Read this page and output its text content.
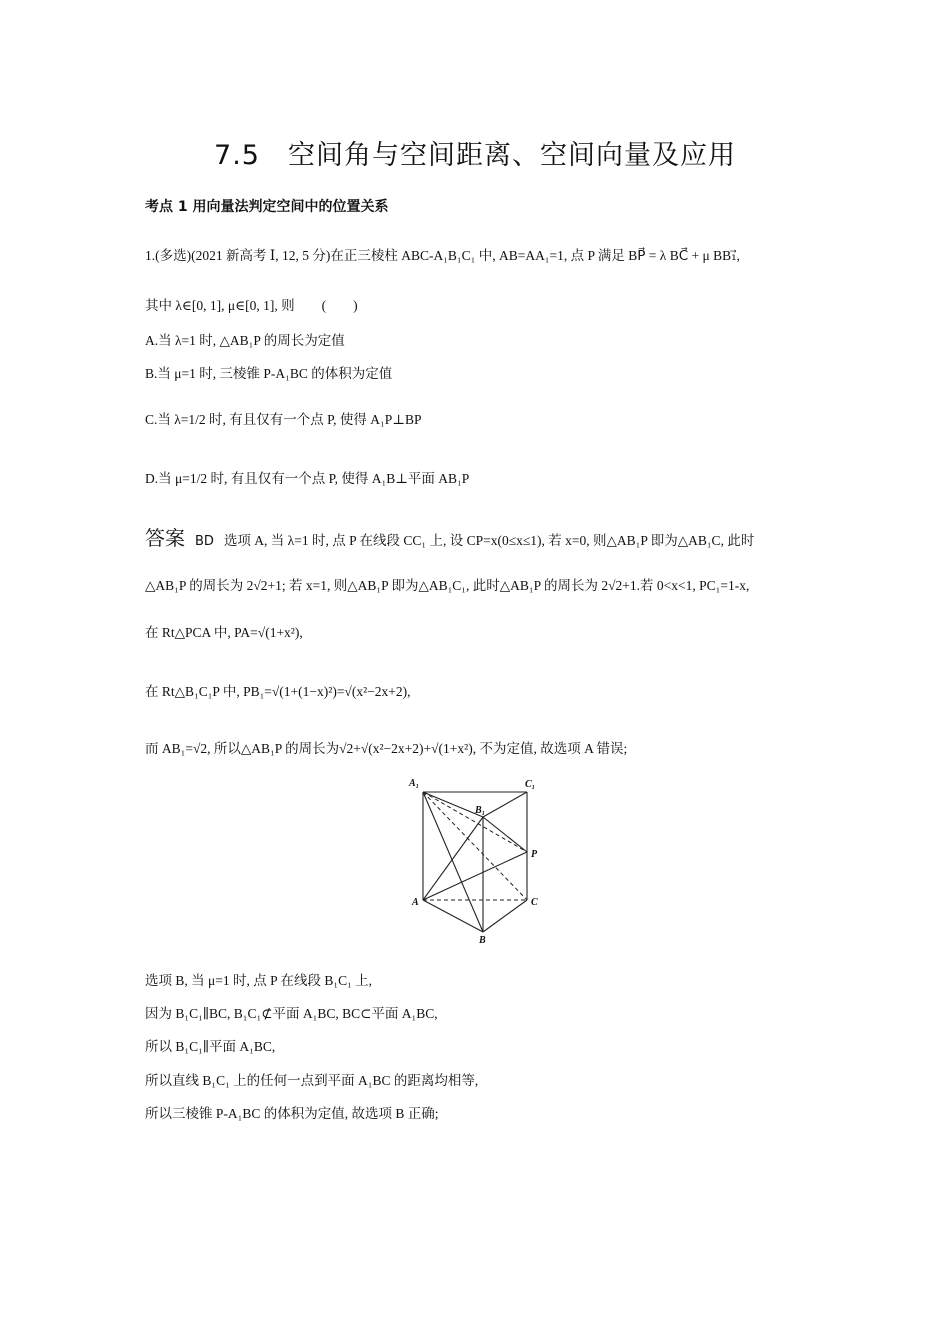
7.5　空间角与空间距离、空间向量及应用
考点 1 用向量法判定空间中的位置关系
1.(多选)(2021 新高考 Ⅰ, 12, 5 分)在正三棱柱 ABC-A₁B₁C₁ 中, AB=AA₁=1, 点 P 满足 BP⃗ = λ BC⃗ + μ BB₁⃗,
其中 λ∈[0, 1], μ∈[0, 1], 则　　(　　)
A.当 λ=1 时, △AB₁P 的周长为定值
B.当 μ=1 时, 三棱锥 P-A₁BC 的体积为定值
C.当 λ=1/2 时, 有且仅有一个点 P, 使得 A₁P⊥BP
D.当 μ=1/2 时, 有且仅有一个点 P, 使得 A₁B⊥平面 AB₁P
答案 BD 选项 A, 当 λ=1 时, 点 P 在线段 CC₁ 上, 设 CP=x(0≤x≤1), 若 x=0, 则△AB₁P 即为△AB₁C, 此时
△AB₁P 的周长为 2√2+1; 若 x=1, 则△AB₁P 即为△AB₁C₁, 此时△AB₁P 的周长为 2√2+1.若 0<x<1, PC₁=1-x,
在 Rt△PCA 中, PA=√(1+x²),
在 Rt△B₁C₁P 中, PB₁=√(1+(1−x)²)=√(x²−2x+2),
而 AB₁=√2, 所以△AB₁P 的周长为√2+√(x²−2x+2)+√(1+x²), 不为定值, 故选项 A 错误;
A₁	C₁
B₁
P
A	C
B
选项 B, 当 μ=1 时, 点 P 在线段 B₁C₁ 上,
因为 B₁C₁∥BC, B₁C₁⊄平面 A₁BC, BC⊂平面 A₁BC,
所以 B₁C₁∥平面 A₁BC,
所以直线 B₁C₁ 上的任何一点到平面 A₁BC 的距离均相等,
所以三棱锥 P-A₁BC 的体积为定值, 故选项 B 正确;
